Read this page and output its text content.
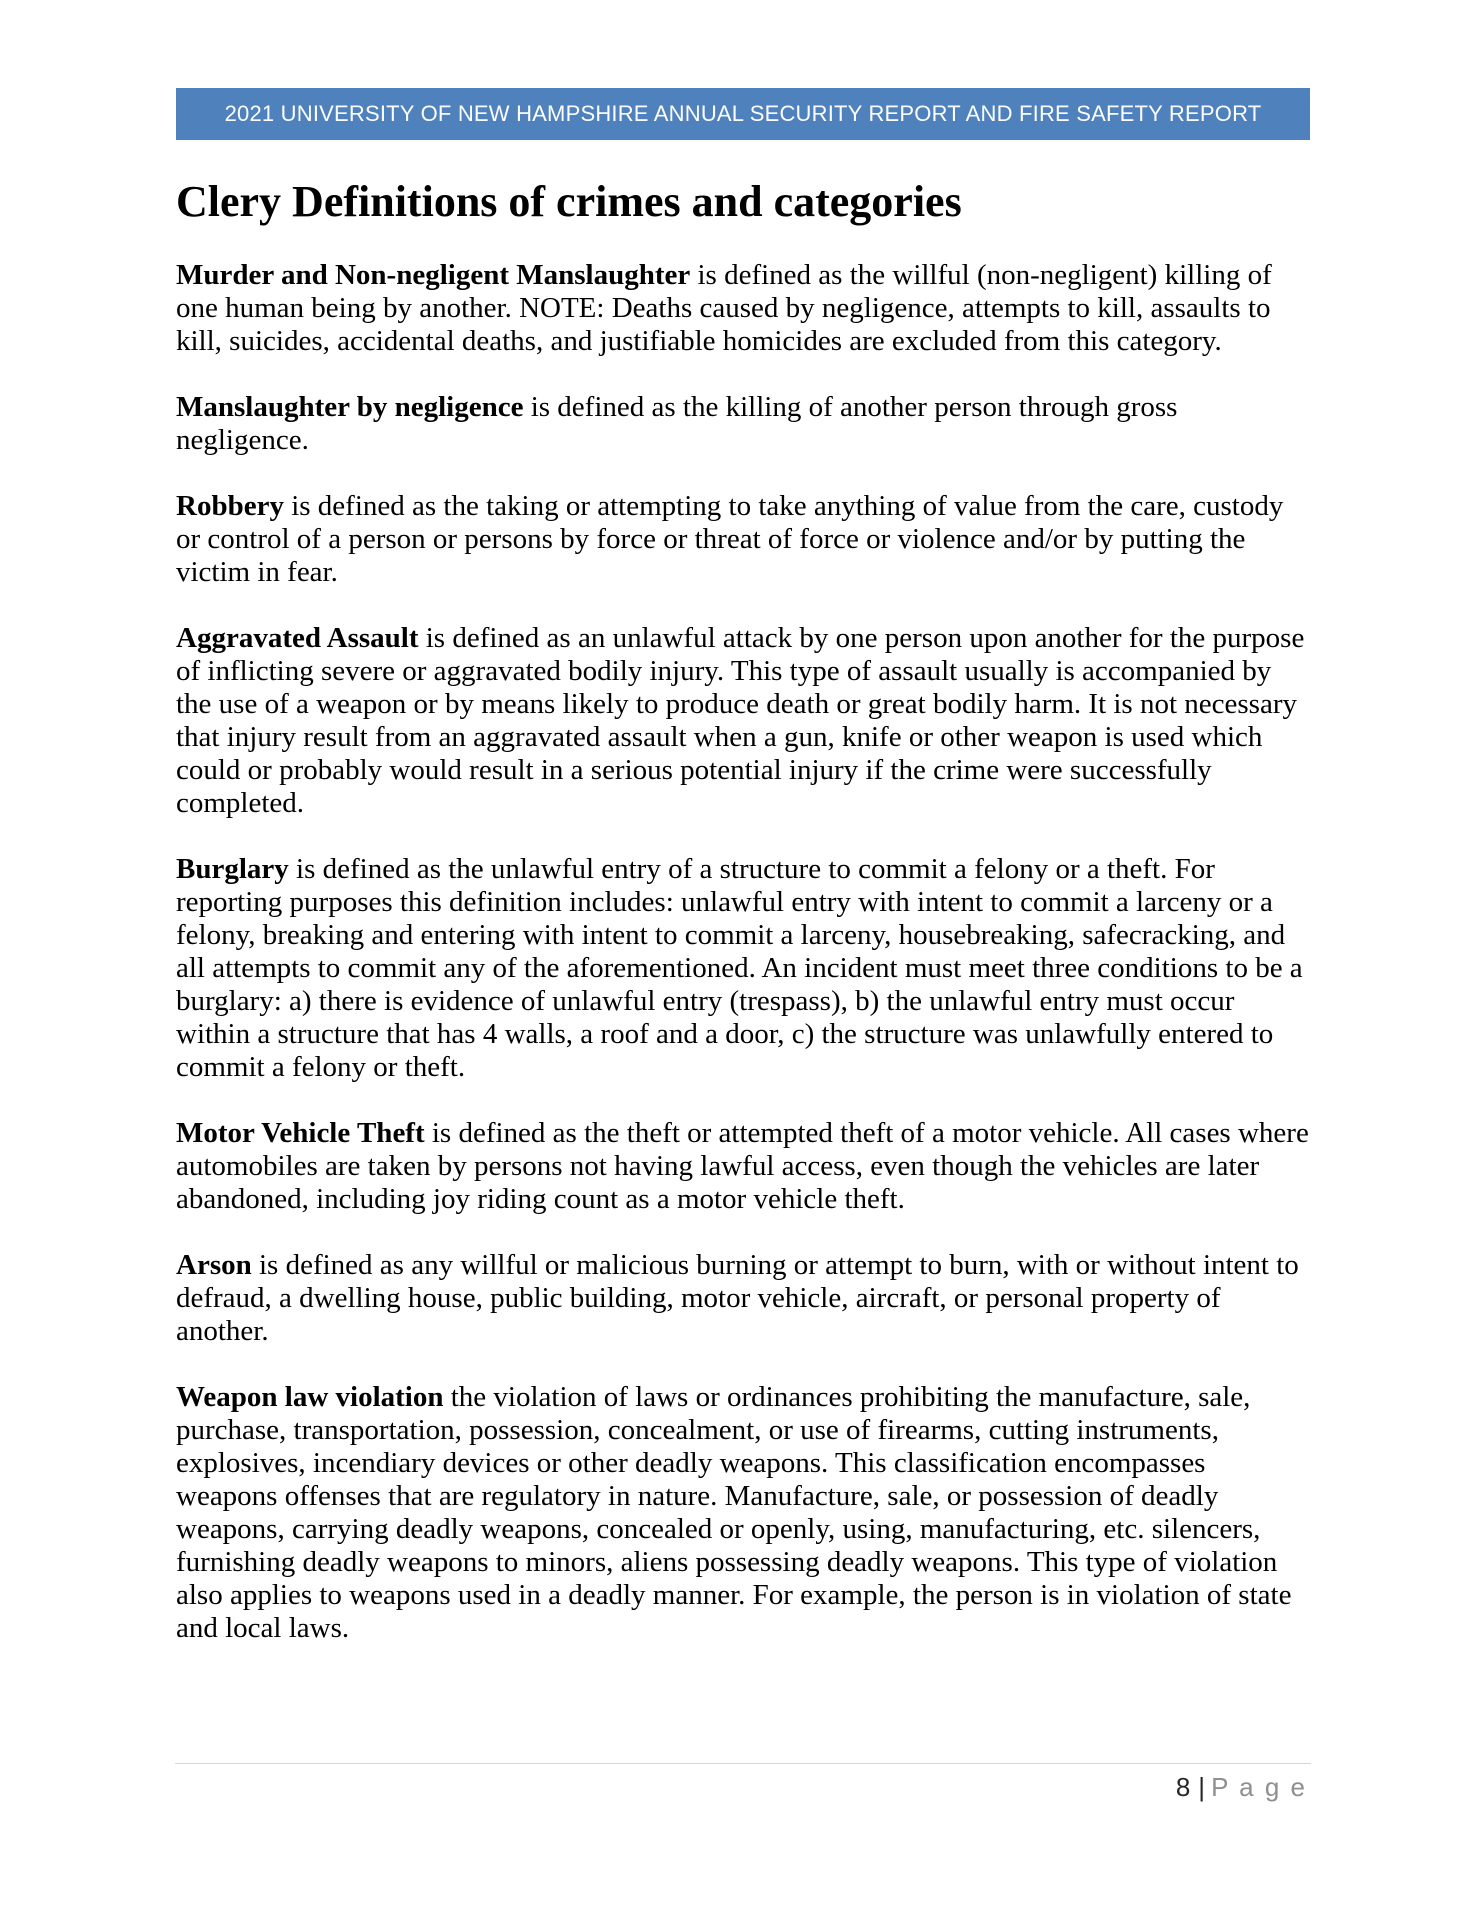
2021 UNIVERSITY OF NEW HAMPSHIRE ANNUAL SECURITY REPORT AND FIRE SAFETY REPORT
Clery Definitions of crimes and categories

Murder and Non-negligent Manslaughter is defined as the willful (non-negligent) killing of one human being by another. NOTE: Deaths caused by negligence, attempts to kill, assaults to kill, suicides, accidental deaths, and justifiable homicides are excluded from this category.

Manslaughter by negligence is defined as the killing of another person through gross negligence.

Robbery is defined as the taking or attempting to take anything of value from the care, custody or control of a person or persons by force or threat of force or violence and/or by putting the victim in fear.

Aggravated Assault is defined as an unlawful attack by one person upon another for the purpose of inflicting severe or aggravated bodily injury. This type of assault usually is accompanied by the use of a weapon or by means likely to produce death or great bodily harm. It is not necessary that injury result from an aggravated assault when a gun, knife or other weapon is used which could or probably would result in a serious potential injury if the crime were successfully completed.

Burglary is defined as the unlawful entry of a structure to commit a felony or a theft. For reporting purposes this definition includes: unlawful entry with intent to commit a larceny or a felony, breaking and entering with intent to commit a larceny, housebreaking, safecracking, and all attempts to commit any of the aforementioned. An incident must meet three conditions to be a burglary: a) there is evidence of unlawful entry (trespass), b) the unlawful entry must occur within a structure that has 4 walls, a roof and a door, c) the structure was unlawfully entered to commit a felony or theft.

Motor Vehicle Theft is defined as the theft or attempted theft of a motor vehicle. All cases where automobiles are taken by persons not having lawful access, even though the vehicles are later abandoned, including joy riding count as a motor vehicle theft.

Arson is defined as any willful or malicious burning or attempt to burn, with or without intent to defraud, a dwelling house, public building, motor vehicle, aircraft, or personal property of another.

Weapon law violation the violation of laws or ordinances prohibiting the manufacture, sale, purchase, transportation, possession, concealment, or use of firearms, cutting instruments, explosives, incendiary devices or other deadly weapons. This classification encompasses weapons offenses that are regulatory in nature. Manufacture, sale, or possession of deadly weapons, carrying deadly weapons, concealed or openly, using, manufacturing, etc. silencers, furnishing deadly weapons to minors, aliens possessing deadly weapons. This type of violation also applies to weapons used in a deadly manner. For example, the person is in violation of state and local laws.

8 | P a g e
